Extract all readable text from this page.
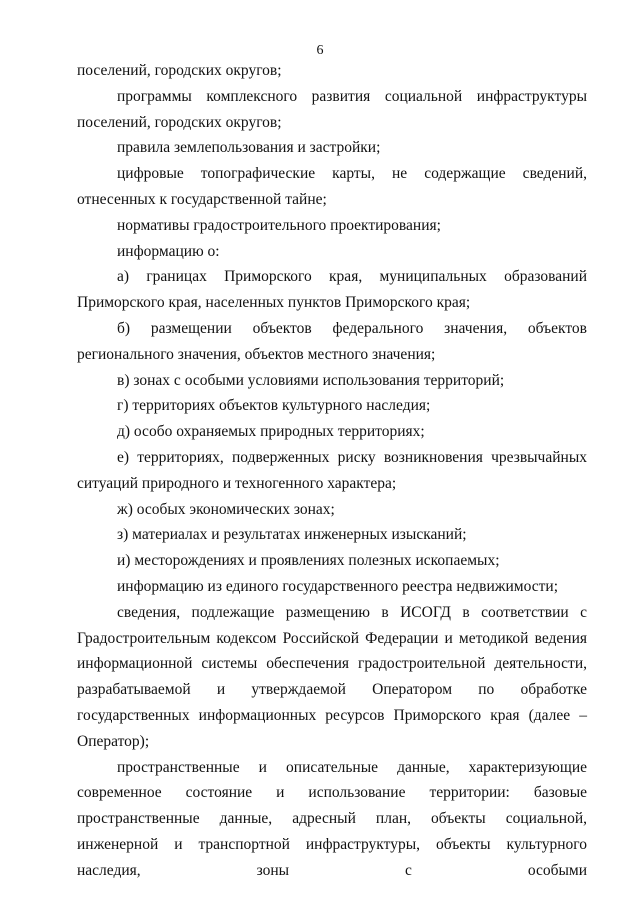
6

поселений, городских округов;

программы комплексного развития социальной инфраструктуры

поселений, городских округов;

правила землепользования и застройки;

цифровые топографические карты, не содержащие сведений, отнесенных к государственной тайне;

нормативы градостроительного проектирования;

информацию о:

а) границах Приморского края, муниципальных образований Приморского края, населенных пунктов Приморского края;

б) размещении объектов федерального значения, объектов регионального значения, объектов местного значения;

в) зонах с особыми условиями использования территорий;

г) территориях объектов культурного наследия;

д) особо охраняемых природных территориях;

е) территориях, подверженных риску возникновения чрезвычайных ситуаций природного и техногенного характера;

ж) особых экономических зонах;

з) материалах и результатах инженерных изысканий;

и) месторождениях и проявлениях полезных ископаемых;

информацию из единого государственного реестра недвижимости;

сведения, подлежащие размещению в ИСОГД в соответствии с Градостроительным кодексом Российской Федерации и методикой ведения информационной системы обеспечения градостроительной деятельности, разрабатываемой и утверждаемой Оператором по обработке государственных информационных ресурсов Приморского края (далее – Оператор);

пространственные и описательные данные, характеризующие современное состояние и использование территории: базовые пространственные данные, адресный план, объекты социальной, инженерной и транспортной инфраструктуры, объекты культурного наследия, зоны с особыми
